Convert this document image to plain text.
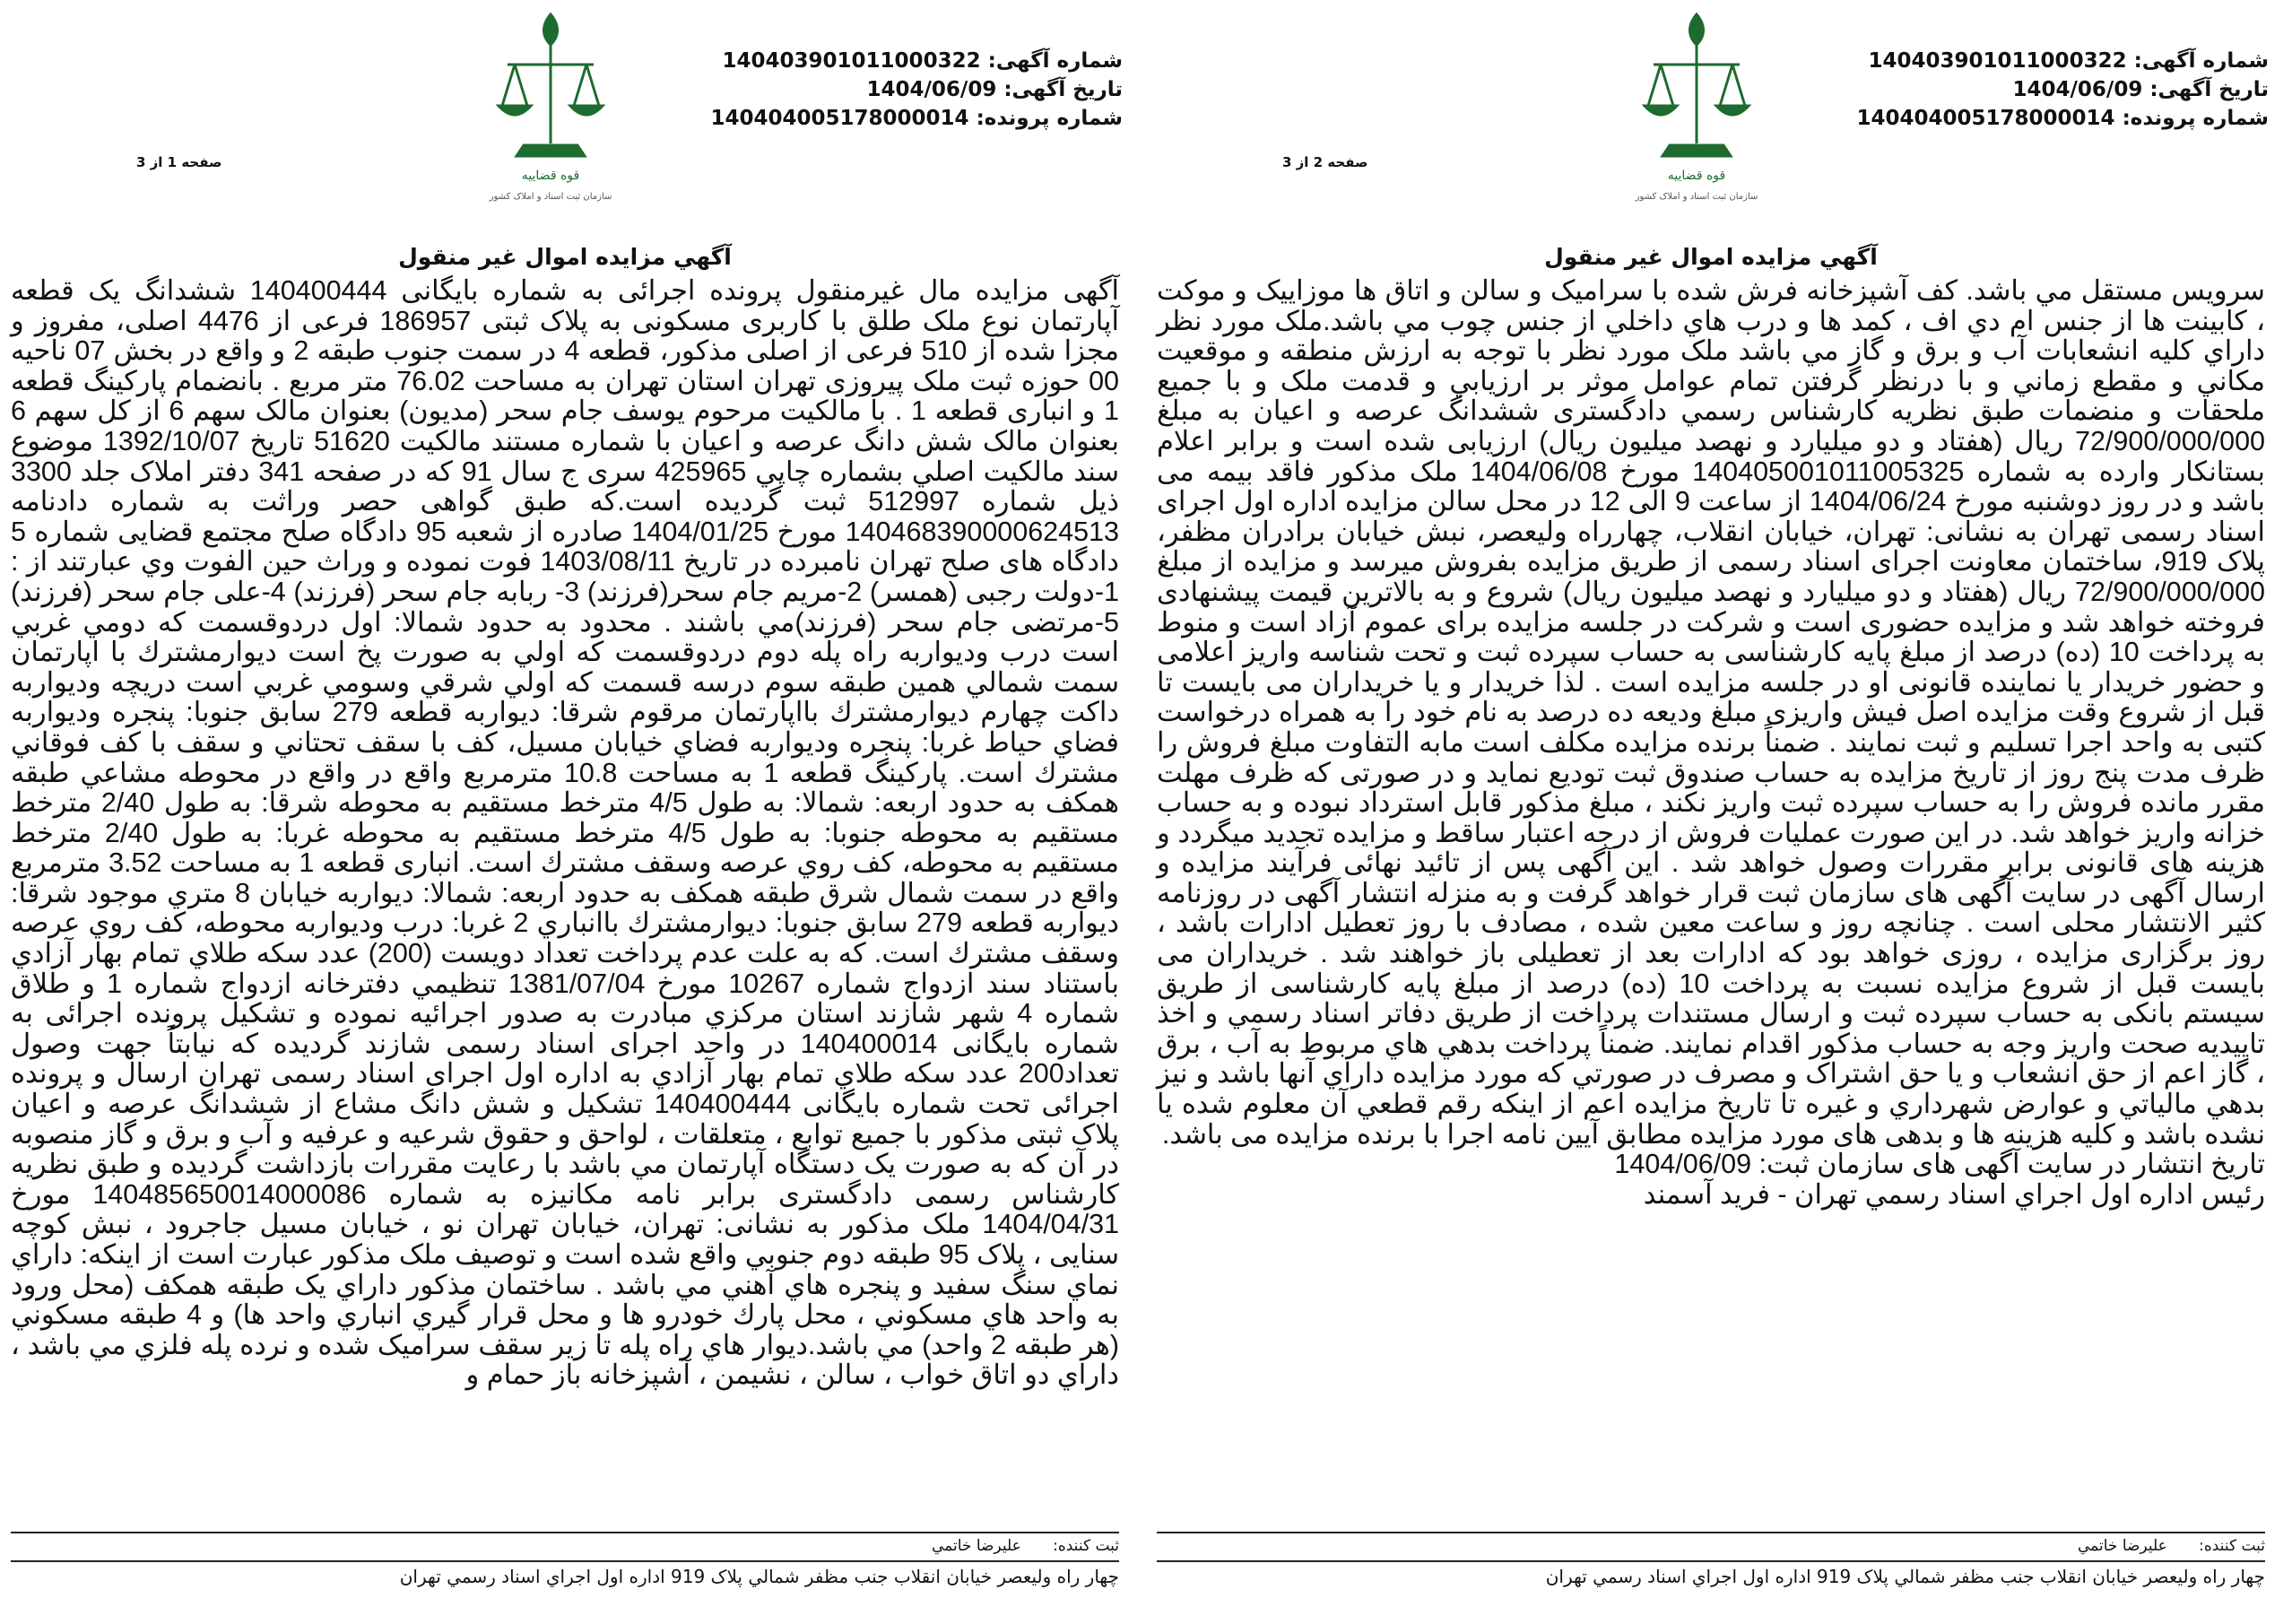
شماره آگهی:140403901011000322
تاریخ آگهی:1404/06/09
شماره پرونده:140404005178000014
قوه قضاییه
سازمان ثبت اسناد و املاک کشور
صفحه 1 از 3
آگهي مزايده اموال غير منقول

آگهی مزایده مال غیرمنقول پرونده اجرائی به شماره بایگانی 140400444 ششدانگ یک قطعه آپارتمان نوع ملک طلق با کاربری مسکونی به پلاک ثبتی 186957 فرعی از 4476 اصلی، مفروز و مجزا شده از 510 فرعی از اصلی مذکور، قطعه 4 در سمت جنوب طبقه 2 و واقع در بخش 07 ناحیه 00 حوزه ثبت ملک پیروزی تهران استان تهران به مساحت 76.02 متر مربع . بانضمام پارکینگ قطعه 1 و انباری قطعه 1 . با مالکیت مرحوم یوسف جام سحر (مدیون) بعنوان مالک سهم 6 از کل سهم 6 بعنوان مالک شش دانگ عرصه و اعیان با شماره مستند مالکیت 51620 تاریخ 1392/10/07 موضوع سند مالکیت اصلي بشماره چاپي 425965 سری ج سال 91 که در صفحه 341 دفتر املاک جلد 3300 ذیل شماره 512997 ثبت گردیده است.که طبق گواهی حصر وراثت به شماره دادنامه 140468390000624513 مورخ 1404/01/25 صادره از شعبه 95 دادگاه صلح مجتمع قضایی شماره 5 دادگاه های صلح تهران نامبرده در تاریخ 1403/08/11 فوت نموده و وراث حين الفوت وي عبارتند از : 1-دولت رجبی (همسر) 2-مریم جام سحر(فرزند) 3- ربابه جام سحر (فرزند) 4-علی جام سحر (فرزند) 5-مرتضی جام سحر (فرزند)مي باشند . محدود به حدود شمالا: اول دردوقسمت که دومي غربي است درب وديواربه راه پله دوم دردوقسمت كه اولي به صورت پخ است ديوارمشترك با اپارتمان سمت شمالي همين طبقه سوم درسه قسمت كه اولي شرقي وسومي غربي است دريچه وديواربه داكت چهارم ديوارمشترك بااپارتمان مرقوم شرقا: ديواربه قطعه 279 سابق جنوبا: پنجره وديواربه فضاي حياط غربا: پنجره وديواربه فضاي خيابان مسيل، کف با سقف تحتاني و سقف با کف فوقاني مشترك است. پارکینگ قطعه 1 به مساحت 10.8 مترمربع واقع در واقع در محوطه مشاعي طبقه همکف به حدود اربعه: شمالا: به طول 4/5 مترخط مستقيم به محوطه شرقا: به طول 2/40 مترخط مستقيم به محوطه جنوبا: به طول 4/5 مترخط مستقيم به محوطه غربا: به طول 2/40 مترخط مستقيم به محوطه، کف روي عرصه وسقف مشترك است. انباری قطعه 1 به مساحت 3.52 مترمربع واقع در سمت شمال شرق طبقه همکف به حدود اربعه: شمالا: ديواربه خيابان 8 متري موجود شرقا: ديواربه قطعه 279 سابق جنوبا: ديوارمشترك باانباري 2 غربا: درب وديواربه محوطه، کف روي عرصه وسقف مشترك است. که به علت عدم پرداخت تعداد دويست (200) عدد سكه طلاي تمام بهار آزادي باستناد سند ازدواج شماره 10267 مورخ 1381/07/04 تنظيمي دفترخانه ازدواج شماره 1 و طلاق شماره 4 شهر شازند استان مركزي مبادرت به صدور اجرائیه نموده و تشکیل پرونده اجرائی به شماره بایگانی 140400014 در واحد اجرای اسناد رسمی شازند گردیده که نیابتاً جهت وصول تعداد200 عدد سکه طلاي تمام بهار آزادي به اداره اول اجرای اسناد رسمی تهران ارسال و پرونده اجرائی تحت شماره بایگانی 140400444 تشکیل و شش دانگ مشاع از ششدانگ عرصه و اعیان پلاک ثبتی مذکور با جمیع توابع ، متعلقات ، لواحق و حقوق شرعیه و عرفیه و آب و برق و گاز منصوبه در آن که به صورت یک دستگاه آپارتمان مي باشد با رعایت مقررات بازداشت گردیده و طبق نظریه کارشناس رسمی دادگستری برابر نامه مکانیزه به شماره 140485650014000086 مورخ 1404/04/31 ملک مذکور به نشانی: تهران، خیابان تهران نو ، خيابان مسيل جاجرود ، نبش کوچه سنایی ، پلاک 95 طبقه دوم جنوبي واقع شده است و توصیف ملک مذکور عبارت است از اینکه: داراي نماي سنگ سفيد و پنجره هاي آهني مي باشد . ساختمان مذكور داراي يک طبقه همكف (محل ورود به واحد هاي مسكوني ، محل پارك خودرو ها و محل قرار گيري انباري واحد ها) و 4 طبقه مسكوني (هر طبقه 2 واحد) مي باشد.ديوار هاي راه پله تا زير سقف سراميک شده و نرده پله فلزي مي باشد ، داراي دو اتاق خواب ، سالن ، نشيمن ، آشپزخانه باز حمام و

ثبت کننده: عليرضا خاتمي
چهار راه وليعصر خيابان انقلاب جنب مظفر شمالي پلاک 919 اداره اول اجراي اسناد رسمي تهران
شماره آگهی:140403901011000322
تاریخ آگهی:1404/06/09
شماره پرونده:140404005178000014
قوه قضاییه
سازمان ثبت اسناد و املاک کشور
صفحه 2 از 3
آگهي مزايده اموال غير منقول

سرويس مستقل مي باشد. کف آشپزخانه فرش شده با سراميک و سالن و اتاق ها موزاييک و موكت ، كابينت ها از جنس ام دي اف ، كمد ها و درب هاي داخلي از جنس چوب مي باشد.ملک مورد نظر داراي كليه انشعابات آب و برق و گاز مي باشد ملک مورد نظر با توجه به ارزش منطقه و موقعيت مكاني و مقطع زماني و با درنظر گرفتن تمام عوامل موثر بر ارزيابي و قدمت ملک و با جميع ملحقات و منضمات طبق نظريه كارشناس رسمي دادگستری ششدانگ عرصه و اعيان به مبلغ 72/900/000/000 ريال (هفتاد و دو ميليارد و نهصد ميليون ريال) ارزیابی شده است و برابر اعلام بستانكار وارده به شماره 140405001011005325 مورخ 1404/06/08 ملک مذکور فاقد بیمه می باشد و در روز دوشنبه مورخ 1404/06/24 از ساعت 9 الی 12 در محل سالن مزایده اداره اول اجرای اسناد رسمی تهران به نشانی: تهران، خیابان انقلاب، چهارراه ولیعصر، نبش خیابان برادران مظفر، پلاک 919، ساختمان معاونت اجرای اسناد رسمی از طریق مزایده بفروش میرسد و مزایده از مبلغ 72/900/000/000 ريال (هفتاد و دو ميليارد و نهصد ميليون ريال) شروع و به بالاترین قیمت پیشنهادی فروخته خواهد شد و مزایده حضوری است و شرکت در جلسه مزایده برای عموم آزاد است و منوط به پرداخت 10 (ده) درصد از مبلغ پایه کارشناسی به حساب سپرده ثبت و تحت شناسه واریز اعلامی و حضور خریدار یا نماینده قانونی او در جلسه مزایده است . لذا خریدار و یا خریداران می بایست تا قبل از شروع وقت مزایده اصل فیش واریزی مبلغ ودیعه ده درصد به نام خود را به همراه درخواست کتبی به واحد اجرا تسلیم و ثبت نمایند . ضمناً برنده مزایده مکلف است مابه التفاوت مبلغ فروش را ظرف مدت پنج روز از تاریخ مزایده به حساب صندوق ثبت تودیع نماید و در صورتی که ظرف مهلت مقرر مانده فروش را به حساب سپرده ثبت واریز نکند ، مبلغ مذکور قابل استرداد نبوده و به حساب خزانه واریز خواهد شد. در این صورت عملیات فروش از درجه اعتبار ساقط و مزایده تجدید میگردد و هزینه های قانونی برابر مقررات وصول خواهد شد . این آگهی پس از تائید نهائی فرآیند مزایده و ارسال آگهی در سایت آگهی های سازمان ثبت قرار خواهد گرفت و به منزله انتشار آگهی در روزنامه کثیر الانتشار محلی است . چنانچه روز و ساعت معین شده ، مصادف با روز تعطیل ادارات باشد ، روز برگزاری مزایده ، روزی خواهد بود که ادارات بعد از تعطیلی باز خواهند شد . خریداران می بایست قبل از شروع مزایده نسبت به پرداخت 10 (ده) درصد از مبلغ پایه کارشناسی از طریق سیستم بانکی به حساب سپرده ثبت و ارسال مستندات پرداخت از طریق دفاتر اسناد رسمي و اخذ تاییدیه صحت واریز وجه به حساب مذکور اقدام نمایند. ضمناً پرداخت بدهي هاي مربوط به آب ، برق ، گاز اعم از حق انشعاب و يا حق اشتراک و مصرف در صورتي که مورد مزايده داراي آنها باشد و نيز بدهي مالياتي و عوارض شهرداري و غيره تا تاريخ مزايده اعم از اينكه رقم قطعي آن معلوم شده يا نشده باشد و کلیه هزینه ها و بدهی های مورد مزایده مطابق آیین نامه اجرا با برنده مزایده می باشد.

تاریخ انتشار در سایت آگهی های سازمان ثبت: 1404/06/09
رئیس اداره اول اجراي اسناد رسمي تهران - فريد آسمند
ثبت کننده: عليرضا خاتمي
چهار راه وليعصر خيابان انقلاب جنب مظفر شمالي پلاک 919 اداره اول اجراي اسناد رسمي تهران
